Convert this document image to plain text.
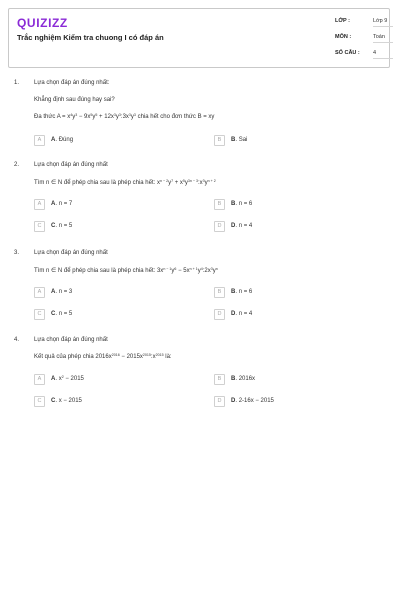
QUIZIZZ
Trắc nghiệm Kiểm tra chuong I có đáp án
LỚP :	Lớp 9
MÔN :	Toán
SỐ CÂU : 4
1. Lựa chọn đáp án đúng nhất:
Khẳng định sau đúng hay sai?
Đa thức $A = x^4y^3 - 9x^5y^5$ + $12x^3y^3:3x^3y^3$ chia hết cho đơn thức B = xy
A	A. Đúng	B	B. Sai
2. Lựa chọn đáp án đúng nhất
Tìm n ∈ N để phép chia sau là phép chia hết: $x^{n - 2}y^7$ + $x^5y^{3n - 3}:x^3y^{n + 2}$
A	A. n = 7	B	B. n = 6
C	C. n = 5	D	D. n = 4
3. Lựa chọn đáp án đúng nhất
Tìm n ∈ N để phép chia sau là phép chia hết: $3x^{n - 1}y^6$ − $5x^{n + 1}y^4:2x^3y^n$
A	A. n = 3	B	B. n = 6
C	C. n = 5	D	D. n = 4
4. Lựa chọn đáp án đúng nhất
Kết quả của phép chia $2016x^{2016}$ − $2015x^{2015}:x^{2015}$ là:
A	A. $x^2 - 2015$	B	B. 2016x
C	C. x − 2015	D	D. 2-16x − 2015
